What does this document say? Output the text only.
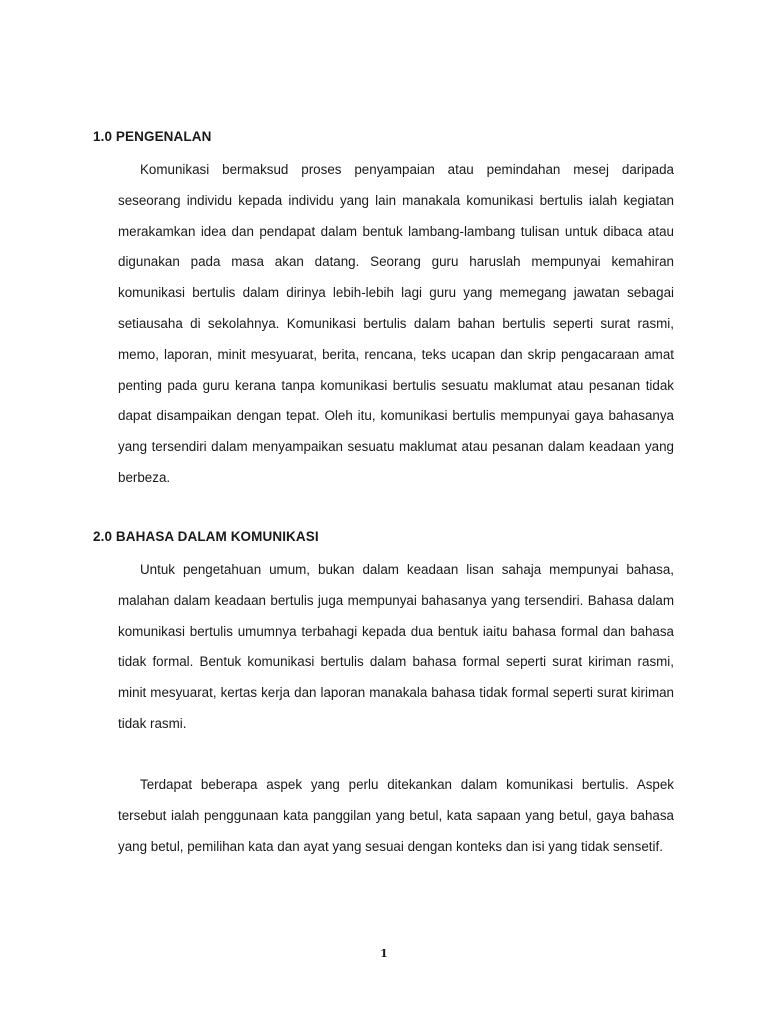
1.0 PENGENALAN

Komunikasi bermaksud proses penyampaian atau pemindahan mesej daripada seseorang individu kepada individu yang lain manakala komunikasi bertulis ialah kegiatan merakamkan idea dan pendapat dalam bentuk lambang-lambang tulisan untuk dibaca atau digunakan pada masa akan datang. Seorang guru haruslah mempunyai kemahiran komunikasi bertulis dalam dirinya lebih-lebih lagi guru yang memegang jawatan sebagai setiausaha di sekolahnya. Komunikasi bertulis dalam bahan bertulis seperti surat rasmi, memo, laporan, minit mesyuarat, berita, rencana, teks ucapan dan skrip pengacaraan amat penting pada guru kerana tanpa komunikasi bertulis sesuatu maklumat atau pesanan tidak dapat disampaikan dengan tepat. Oleh itu, komunikasi bertulis mempunyai gaya bahasanya yang tersendiri dalam menyampaikan sesuatu maklumat atau pesanan dalam keadaan yang berbeza.

2.0 BAHASA DALAM KOMUNIKASI

Untuk pengetahuan umum, bukan dalam keadaan lisan sahaja mempunyai bahasa, malahan dalam keadaan bertulis juga mempunyai bahasanya yang tersendiri. Bahasa dalam komunikasi bertulis umumnya terbahagi kepada dua bentuk iaitu bahasa formal dan bahasa tidak formal. Bentuk komunikasi bertulis dalam bahasa formal seperti surat kiriman rasmi, minit mesyuarat, kertas kerja dan laporan manakala bahasa tidak formal seperti surat kiriman tidak rasmi.

Terdapat beberapa aspek yang perlu ditekankan dalam komunikasi bertulis. Aspek tersebut ialah penggunaan kata panggilan yang betul, kata sapaan yang betul, gaya bahasa yang betul, pemilihan kata dan ayat yang sesuai dengan konteks dan isi yang tidak sensetif.

1
